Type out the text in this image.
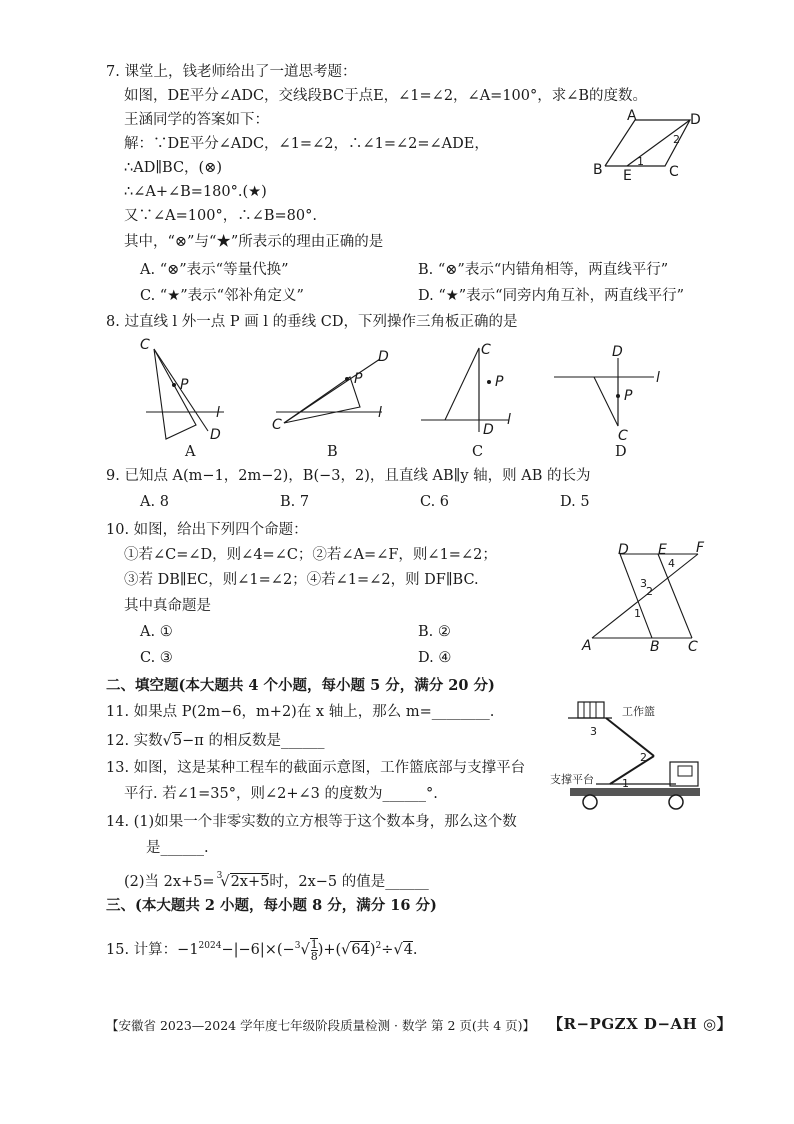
7. 课堂上，钱老师给出了一道思考题：
如图，DE平分∠ADC，交线段BC于点E，∠1=∠2，∠A=100°，求∠B的度数。
王涵同学的答案如下：
解：∵DE平分∠ADC，∠1=∠2，∴∠1=∠2=∠ADE，
∴AD∥BC，(⊗)
∴∠A+∠B=180°.(★)
又∵∠A=100°，∴∠B=80°.
其中，“⊗”与“★”所表示的理由正确的是
A. “⊗”表示“等量代换”	B. “⊗”表示“内错角相等，两直线平行”
C. “★”表示“邻补角定义”	D. “★”表示“同旁内角互补，两直线平行”
A	D
B E	C
1
2
8. 过直线 l 外一点 P 画 l 的垂线 CD，下列操作三角板正确的是
C
P
l
D
A
C
P
l
D
B
C
P
l
D
C
D
P
l
C
D
9. 已知点 A(m−1，2m−2)，B(−3，2)，且直线 AB∥y 轴，则 AB 的长为
A. 8	B. 7	C. 6	D. 5
10. 如图，给出下列四个命题：
①若∠C=∠D，则∠4=∠C；②若∠A=∠F，则∠1=∠2；
③若 DB∥EC，则∠1=∠2；④若∠1=∠2，则 DF∥BC.
其中真命题是
A. ①	B. ②
C. ③	D. ④
D E F
A	B C
1
2
3
4
二、填空题(本大题共 4 个小题，每小题 5 分，满分 20 分)
11. 如果点 P(2m−6，m+2)在 x 轴上，那么 m=________.
12. 实数√5−π 的相反数是______
13. 如图，这是某种工程车的截面示意图，工作篮底部与支撑平台
平行. 若∠1=35°，则∠2+∠3 的度数为______°.
工作篮
支撑平台	1
2
3
14. (1)如果一个非零实数的立方根等于这个数本身，那么这个数
是______.
(2)当 2x+5= $^3$√2x+5时，2x−5 的值是______
三、(本大题共 2 小题，每小题 8 分，满分 16 分)
15. 计算：$-1^{2024}-|-6|\times(-^3√ \frac{1}{8} )+(√64)^2\div√4$.
【安徽省 2023—2024 学年度七年级阶段质量检测 · 数学 第 2 页(共 4 页)】 【R−PGZX D−AH ◎】
